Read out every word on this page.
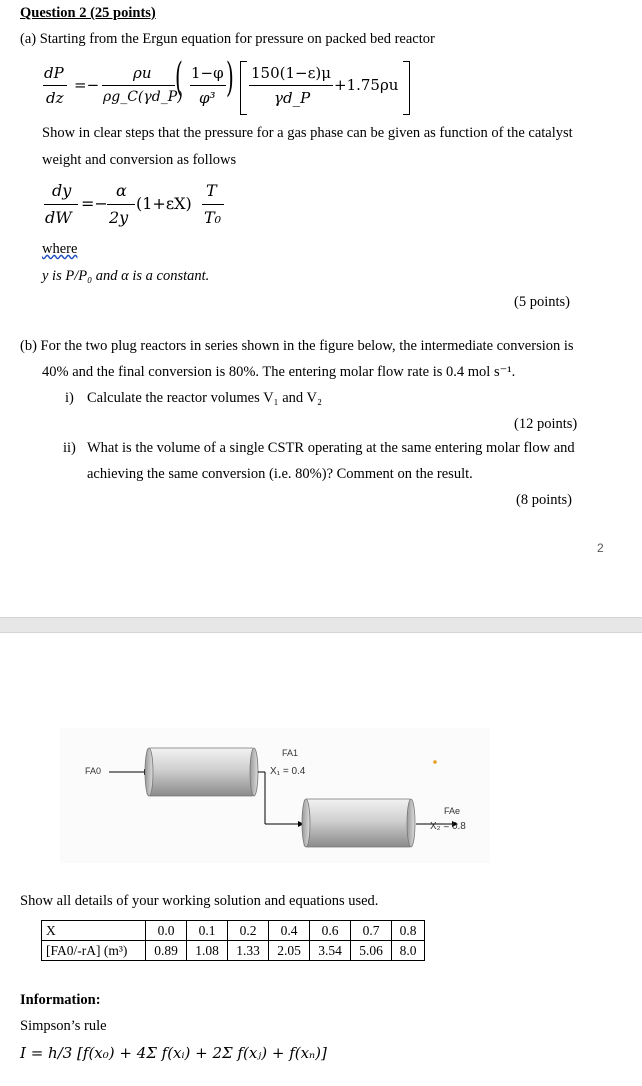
Question 2 (25 points)
(a) Starting from the Ergun equation for pressure on packed bed reactor
dP
dz
=−
ρu
ρg_C(γd_P)
( 1−φ
φ³ ) 150(1−ε)μ
γd_P
+1.75ρu
Show in clear steps that the pressure for a gas phase can be given as function of the catalyst
weight and conversion as follows
dy
dW
=−
α
2y
(1+εX)
T
T₀
where
y is P/P₀ and α is a constant.
(5 points)
(b) For the two plug reactors in series shown in the figure below, the intermediate conversion is
40% and the final conversion is 80%. The entering molar flow rate is 0.4 mol s⁻¹.
i) Calculate the reactor volumes V₁ and V₂
(12 points)
ii) What is the volume of a single CSTR operating at the same entering molar flow and
achieving the same conversion (i.e. 80%)? Comment on the result.
(8 points)
2
FA0
FA1
X₁ = 0.4
FAe
X₂ = 0.8
Show all details of your working solution and equations used.
X	0.0	0.1	0.2	0.4	0.6	0.7	0.8
[FA0/-rA] (m³)	0.89	1.08	1.33	2.05	3.54	5.06	8.0
Information:
Simpson’s rule
I = h/3 [f(x₀) + 4Σ f(xᵢ) + 2Σ f(xⱼ) + f(xₙ)]
